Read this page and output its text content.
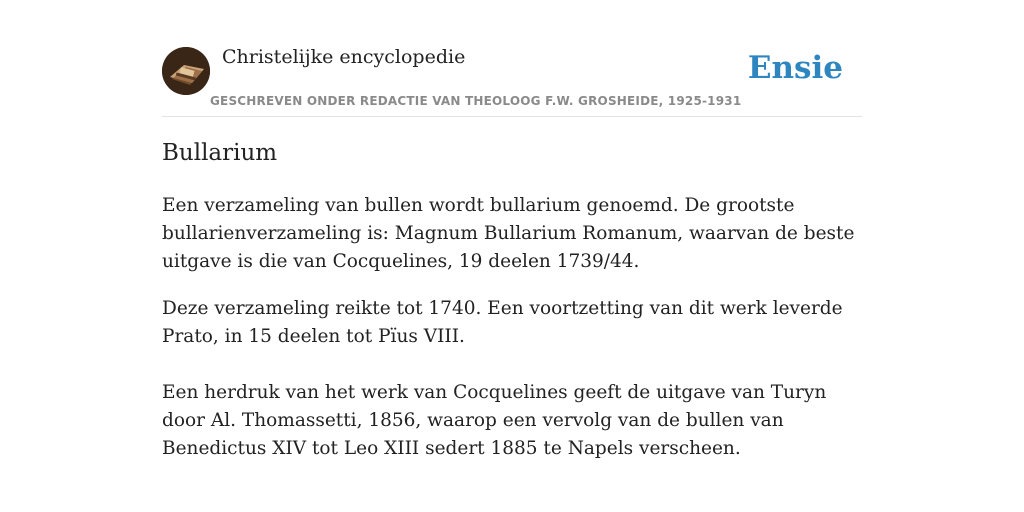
Christelijke encyclopedie
GESCHREVEN ONDER REDACTIE VAN THEOLOOG F.W. GROSHEIDE, 1925-1931
Ensie
Bullarium

Een verzameling van bullen wordt bullarium genoemd. De grootste bullarienverzameling is: Magnum Bullarium Romanum, waarvan de beste uitgave is die van Cocquelines, 19 deelen 1739/44.

Deze verzameling reikte tot 1740. Een voortzetting van dit werk leverde Prato, in 15 deelen tot Pïus VIII.

Een herdruk van het werk van Cocquelines geeft de uitgave van Turyn door Al. Thomassetti, 1856, waarop een vervolg van de bullen van Benedictus XIV tot Leo XIII sedert 1885 te Napels verscheen.
